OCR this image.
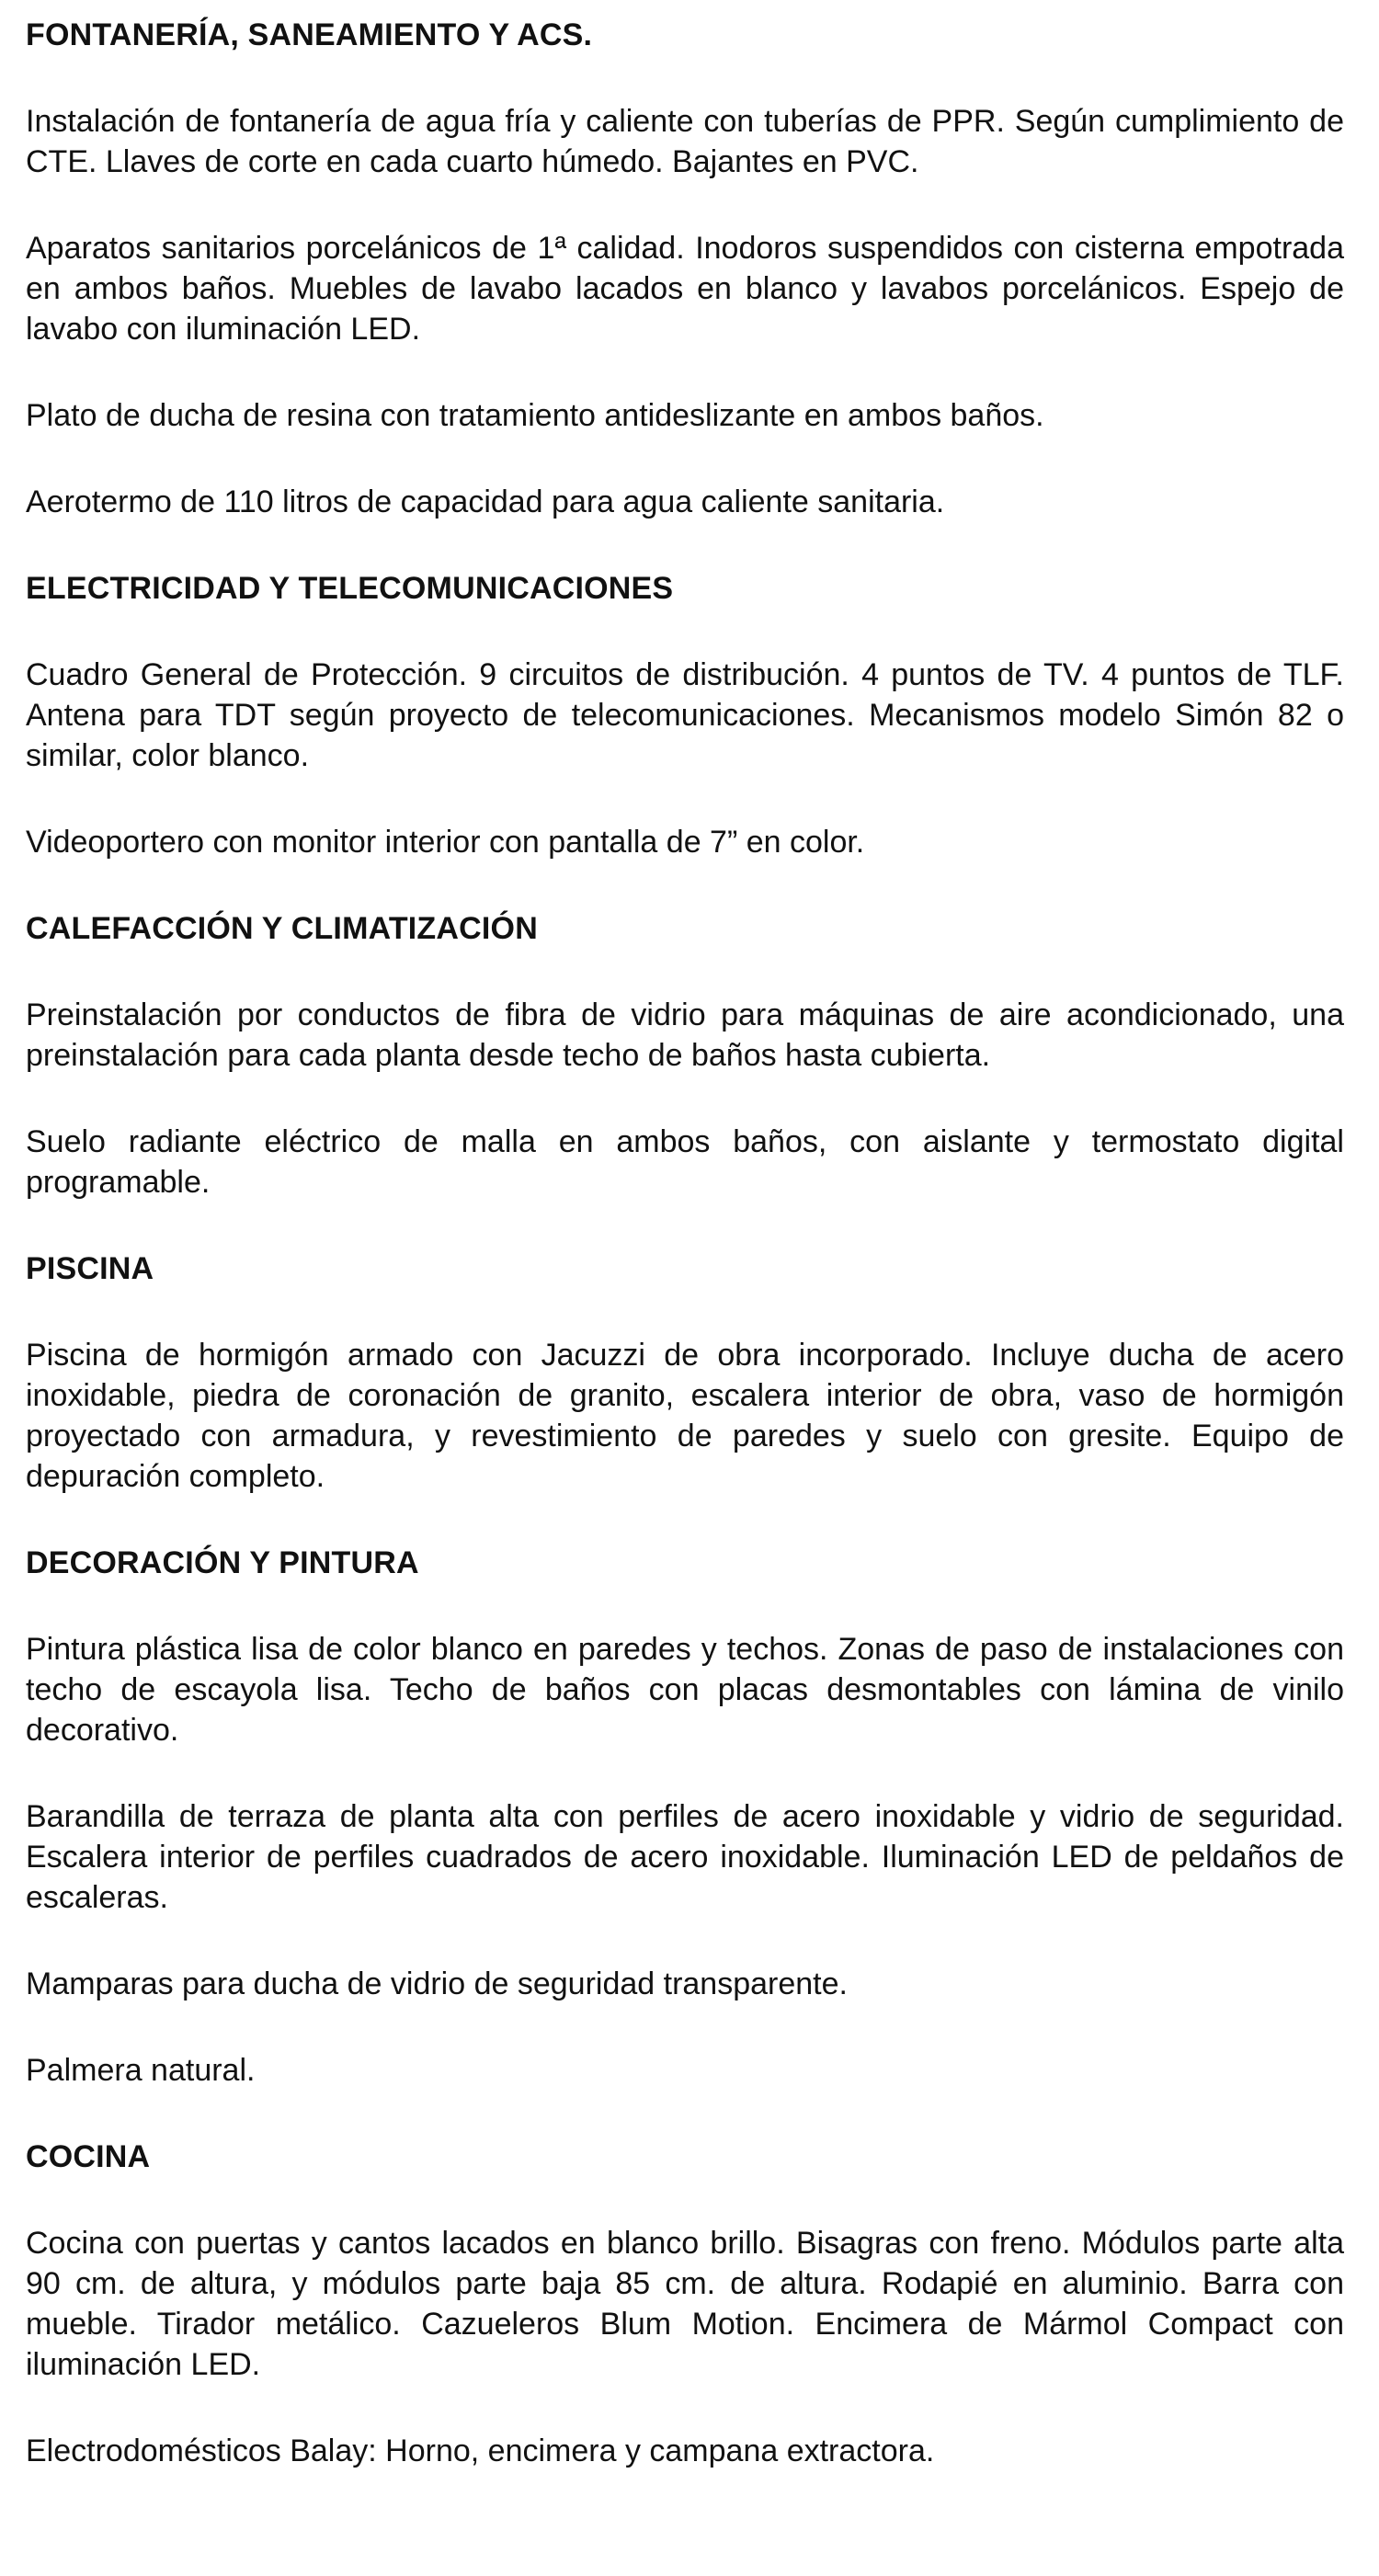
FONTANERÍA, SANEAMIENTO Y ACS.

Instalación de fontanería de agua fría y caliente con tuberías de PPR. Según cumplimiento de CTE. Llaves de corte en cada cuarto húmedo. Bajantes en PVC.

Aparatos sanitarios porcelánicos de 1ª calidad. Inodoros suspendidos con cisterna empotrada en ambos baños. Muebles de lavabo lacados en blanco y lavabos porcelánicos. Espejo de lavabo con iluminación LED.

Plato de ducha de resina con tratamiento antideslizante en ambos baños.

Aerotermo de 110 litros de capacidad para agua caliente sanitaria.

ELECTRICIDAD Y TELECOMUNICACIONES

Cuadro General de Protección. 9 circuitos de distribución. 4 puntos de TV. 4 puntos de TLF. Antena para TDT según proyecto de telecomunicaciones. Mecanismos modelo Simón 82 o similar, color blanco.

Videoportero con monitor interior con pantalla de 7” en color.

CALEFACCIÓN Y CLIMATIZACIÓN

Preinstalación por conductos de fibra de vidrio para máquinas de aire acondicionado, una preinstalación para cada planta desde techo de baños hasta cubierta.

Suelo radiante eléctrico de malla en ambos baños, con aislante y termostato digital programable.

PISCINA

Piscina de hormigón armado con Jacuzzi de obra incorporado. Incluye ducha de acero inoxidable, piedra de coronación de granito, escalera interior de obra, vaso de hormigón proyectado con armadura, y revestimiento de paredes y suelo con gresite. Equipo de depuración completo.

DECORACIÓN Y PINTURA

Pintura plástica lisa de color blanco en paredes y techos. Zonas de paso de instalaciones con techo de escayola lisa. Techo de baños con placas desmontables con lámina de vinilo decorativo.

Barandilla de terraza de planta alta con perfiles de acero inoxidable y vidrio de seguridad. Escalera interior de perfiles cuadrados de acero inoxidable. Iluminación LED de peldaños de escaleras.

Mamparas para ducha de vidrio de seguridad transparente.

Palmera natural.

COCINA

Cocina con puertas y cantos lacados en blanco brillo. Bisagras con freno. Módulos parte alta 90 cm. de altura, y módulos parte baja 85 cm. de altura. Rodapié en aluminio. Barra con mueble. Tirador metálico. Cazueleros Blum Motion. Encimera de Mármol Compact con iluminación LED.

Electrodomésticos Balay: Horno, encimera y campana extractora.
